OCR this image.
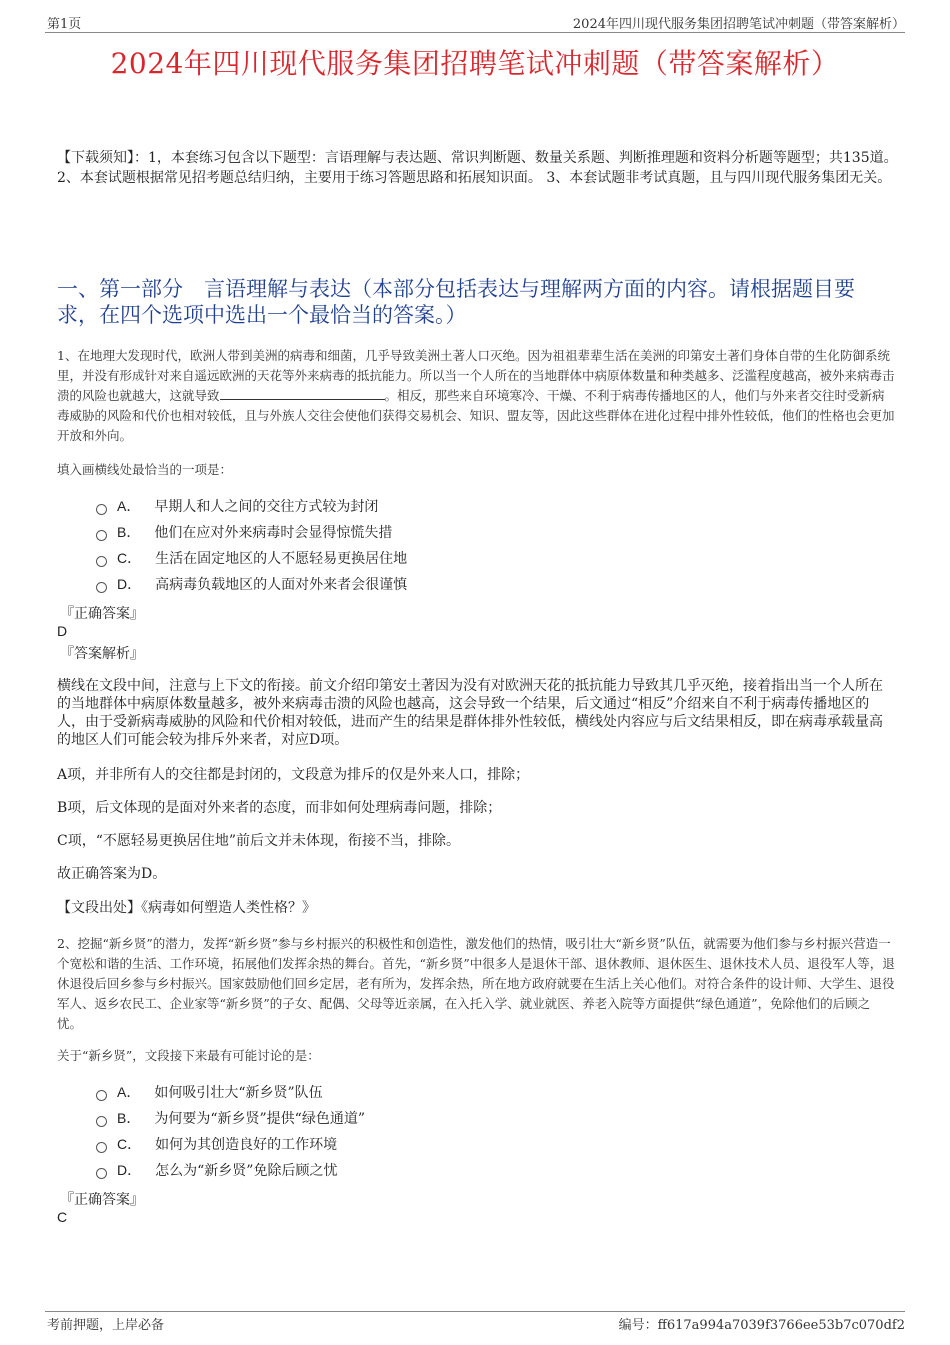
第1页	2024年四川现代服务集团招聘笔试冲刺题（带答案解析）
2024年四川现代服务集团招聘笔试冲刺题（带答案解析）
【下载须知】：1，本套练习包含以下题型：言语理解与表达题、常识判断题、数量关系题、判断推理题和资料分析题等题型；共135道。 2、本套试题根据常见招考题总结归纳，主要用于练习答题思路和拓展知识面。 3、本套试题非考试真题，且与四川现代服务集团无关。
一、第一部分　言语理解与表达（本部分包括表达与理解两方面的内容。请根据题目要求，在四个选项中选出一个最恰当的答案。）
1、在地理大发现时代，欧洲人带到美洲的病毒和细菌，几乎导致美洲土著人口灭绝。因为祖祖辈辈生活在美洲的印第安土著们身体自带的生化防御系统里，并没有形成针对来自遥远欧洲的天花等外来病毒的抵抗能力。所以当一个人所在的当地群体中病原体数量和种类越多、泛滥程度越高，被外来病毒击溃的风险也就越大，这就导致	。相反，那些来自环境寒冷、干燥、不利于病毒传播地区的人，他们与外来者交往时受新病毒威胁的风险和代价也相对较低，且与外族人交往会使他们获得交易机会、知识、盟友等，因此这些群体在进化过程中排外性较低，他们的性格也会更加开放和外向。
填入画横线处最恰当的一项是：
A． 早期人和人之间的交往方式较为封闭
B． 他们在应对外来病毒时会显得惊慌失措
C． 生活在固定地区的人不愿轻易更换居住地
D． 高病毒负载地区的人面对外来者会很谨慎
『正确答案』
D
『答案解析』
横线在文段中间，注意与上下文的衔接。前文介绍印第安土著因为没有对欧洲天花的抵抗能力导致其几乎灭绝，接着指出当一个人所在的当地群体中病原体数量越多，被外来病毒击溃的风险也越高，这会导致一个结果，后文通过“相反”介绍来自不利于病毒传播地区的人，由于受新病毒威胁的风险和代价相对较低，进而产生的结果是群体排外性较低，横线处内容应与后文结果相反，即在病毒承载量高的地区人们可能会较为排斥外来者，对应D项。
A项，并非所有人的交往都是封闭的，文段意为排斥的仅是外来人口，排除；
B项，后文体现的是面对外来者的态度，而非如何处理病毒问题，排除；
C项，“不愿轻易更换居住地”前后文并未体现，衔接不当，排除。
故正确答案为D。
【文段出处】《病毒如何塑造人类性格？》
2、挖掘“新乡贤”的潜力，发挥“新乡贤”参与乡村振兴的积极性和创造性，激发他们的热情，吸引壮大“新乡贤”队伍，就需要为他们参与乡村振兴营造一个宽松和谐的生活、工作环境，拓展他们发挥余热的舞台。首先，“新乡贤”中很多人是退休干部、退休教师、退休医生、退休技术人员、退役军人等，退休退役后回乡参与乡村振兴。国家鼓励他们回乡定居，老有所为，发挥余热，所在地方政府就要在生活上关心他们。对符合条件的设计师、大学生、退役军人、返乡农民工、企业家等“新乡贤”的子女、配偶、父母等近亲属，在入托入学、就业就医、养老入院等方面提供“绿色通道”，免除他们的后顾之忧。
关于“新乡贤”，文段接下来最有可能讨论的是：
A． 如何吸引壮大“新乡贤”队伍
B． 为何要为“新乡贤”提供“绿色通道”
C． 如何为其创造良好的工作环境
D． 怎么为“新乡贤”免除后顾之忧
『正确答案』
C
考前押题，上岸必备	编号：ff617a994a7039f3766ee53b7c070df2
